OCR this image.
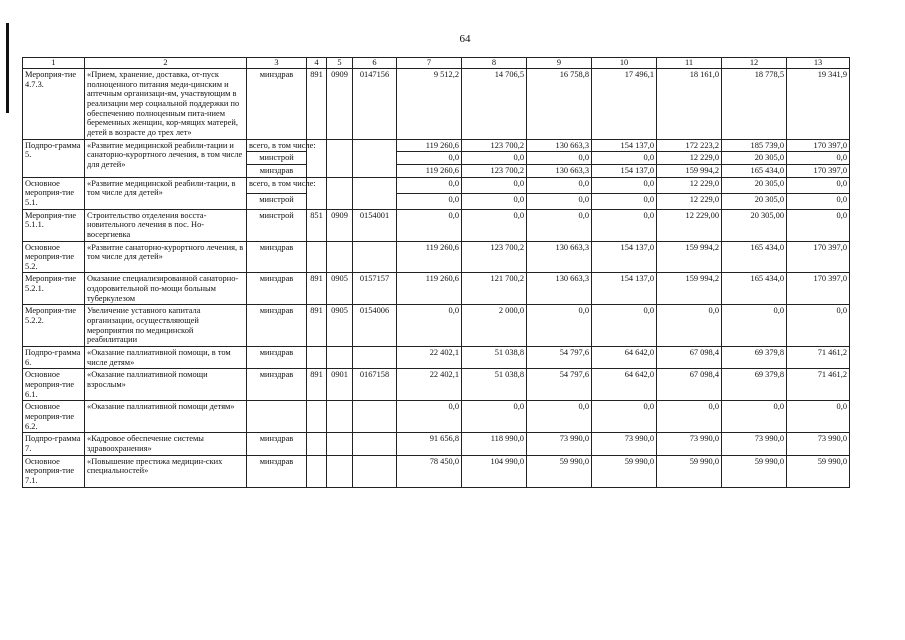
64
1	2	3	4	5	6	7	8	9	10	11	12	13
Мероприя-тие 4.7.3.	«Прием, хранение, доставка, от-пуск полноценного питания меди-цинским и аптечным организаци-ям, участвующим в реализации мер социальной поддержки по обеспечению полноценным пита-нием беременных женщин, кор-мящих матерей, детей в возрасте до трех лет»	минздрав	891	0909	0147156	9 512,2	14 706,5	16 758,8	17 496,1	18 161,0	18 778,5	19 341,9
Подпро-грамма 5.	«Развитие медицинской реабили-тации и санаторно-курортного лечения, в том числе для детей»	всего, в том числе:				119 260,6	123 700,2	130 663,3	154 137,0	172 223,2	185 739,0	170 397,0
		минстрой				0,0	0,0	0,0	0,0	12 229,0	20 305,0	0,0
		минздрав				119 260,6	123 700,2	130 663,3	154 137,0	159 994,2	165 434,0	170 397,0
Основное мероприя-тие 5.1.	«Развитие медицинской реабили-тации, в том числе для детей»	всего, в том числе:				0,0	0,0	0,0	0,0	12 229,0	20 305,0	0,0
		минстрой				0,0	0,0	0,0	0,0	12 229,0	20 305,0	0,0
Мероприя-тие 5.1.1.	Строительство отделения восста-новительного лечения в пос. Но-восергиевка	минстрой	851	0909	0154001	0,0	0,0	0,0	0,0	12 229,00	20 305,00	0,0
Основное мероприя-тие 5.2.	«Развитие санаторно-курортного лечения, в том числе для детей»	минздрав				119 260,6	123 700,2	130 663,3	154 137,0	159 994,2	165 434,0	170 397,0
Мероприя-тие 5.2.1.	Оказание специализированной санаторно-оздоровительной по-мощи больным туберкулезом	минздрав	891	0905	0157157	119 260,6	121 700,2	130 663,3	154 137,0	159 994,2	165 434,0	170 397,0
Мероприя-тие 5.2.2.	Увеличение уставного капитала организации, осуществляющей мероприятия по медицинской реабилитации	минздрав	891	0905	0154006	0,0	2 000,0	0,0	0,0	0,0	0,0	0,0
Подпро-грамма 6.	«Оказание паллиативной помощи, в том числе детям»	минздрав				22 402,1	51 038,8	54 797,6	64 642,0	67 098,4	69 379,8	71 461,2
Основное мероприя-тие 6.1.	«Оказание паллиативной помощи взрослым»	минздрав	891	0901	0167158	22 402,1	51 038,8	54 797,6	64 642,0	67 098,4	69 379,8	71 461,2
Основное мероприя-тие 6.2.	«Оказание паллиативной помощи детям»					0,0	0,0	0,0	0,0	0,0	0,0	0,0
Подпро-грамма 7.	«Кадровое обеспечение системы здравоохранения»	минздрав				91 656,8	118 990,0	73 990,0	73 990,0	73 990,0	73 990,0	73 990,0
Основное мероприя-тие 7.1.	«Повышение престижа медицин-ских специальностей»	минздрав				78 450,0	104 990,0	59 990,0	59 990,0	59 990,0	59 990,0	59 990,0
